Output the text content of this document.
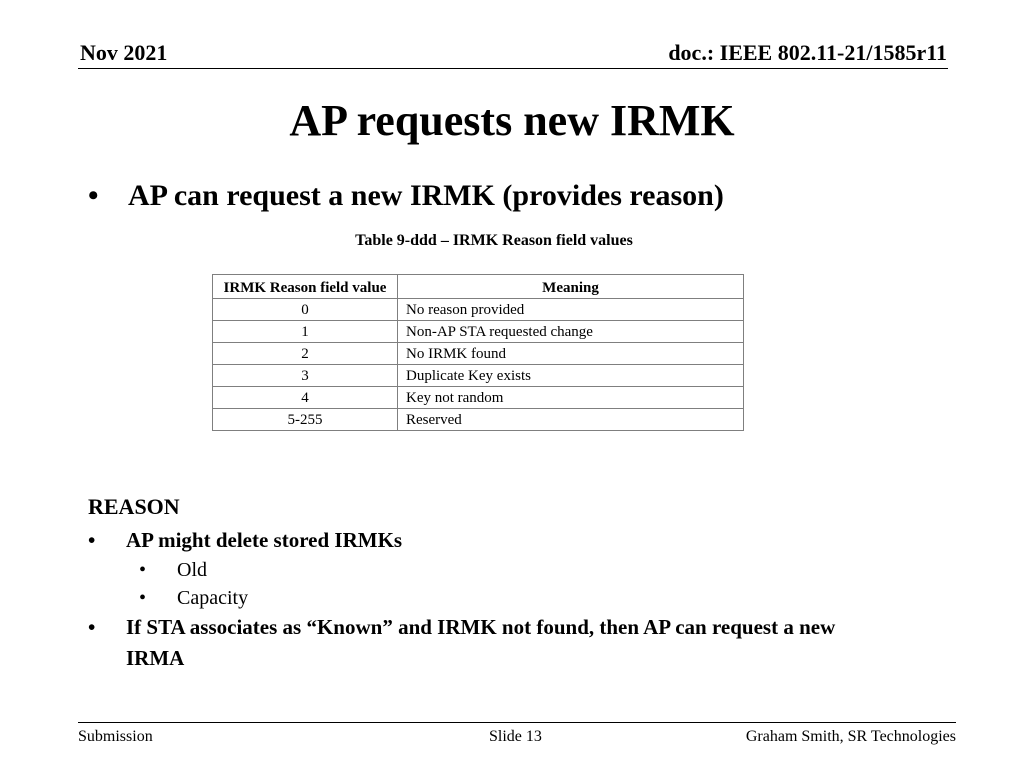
Nov 2021	doc.: IEEE 802.11-21/1585r11
AP requests new IRMK
• AP can request a new IRMK (provides reason)
Table 9-ddd – IRMK Reason field values
IRMK Reason field value	Meaning
0	No reason provided
1	Non-AP STA requested change
2	No IRMK found
3	Duplicate Key exists
4	Key not random
5-255	Reserved
REASON
• AP might delete stored IRMKs
• Old
• Capacity
• If STA associates as “Known” and IRMK not found, then AP can request a new IRMA
Submission	Slide 13	Graham Smith, SR Technologies
